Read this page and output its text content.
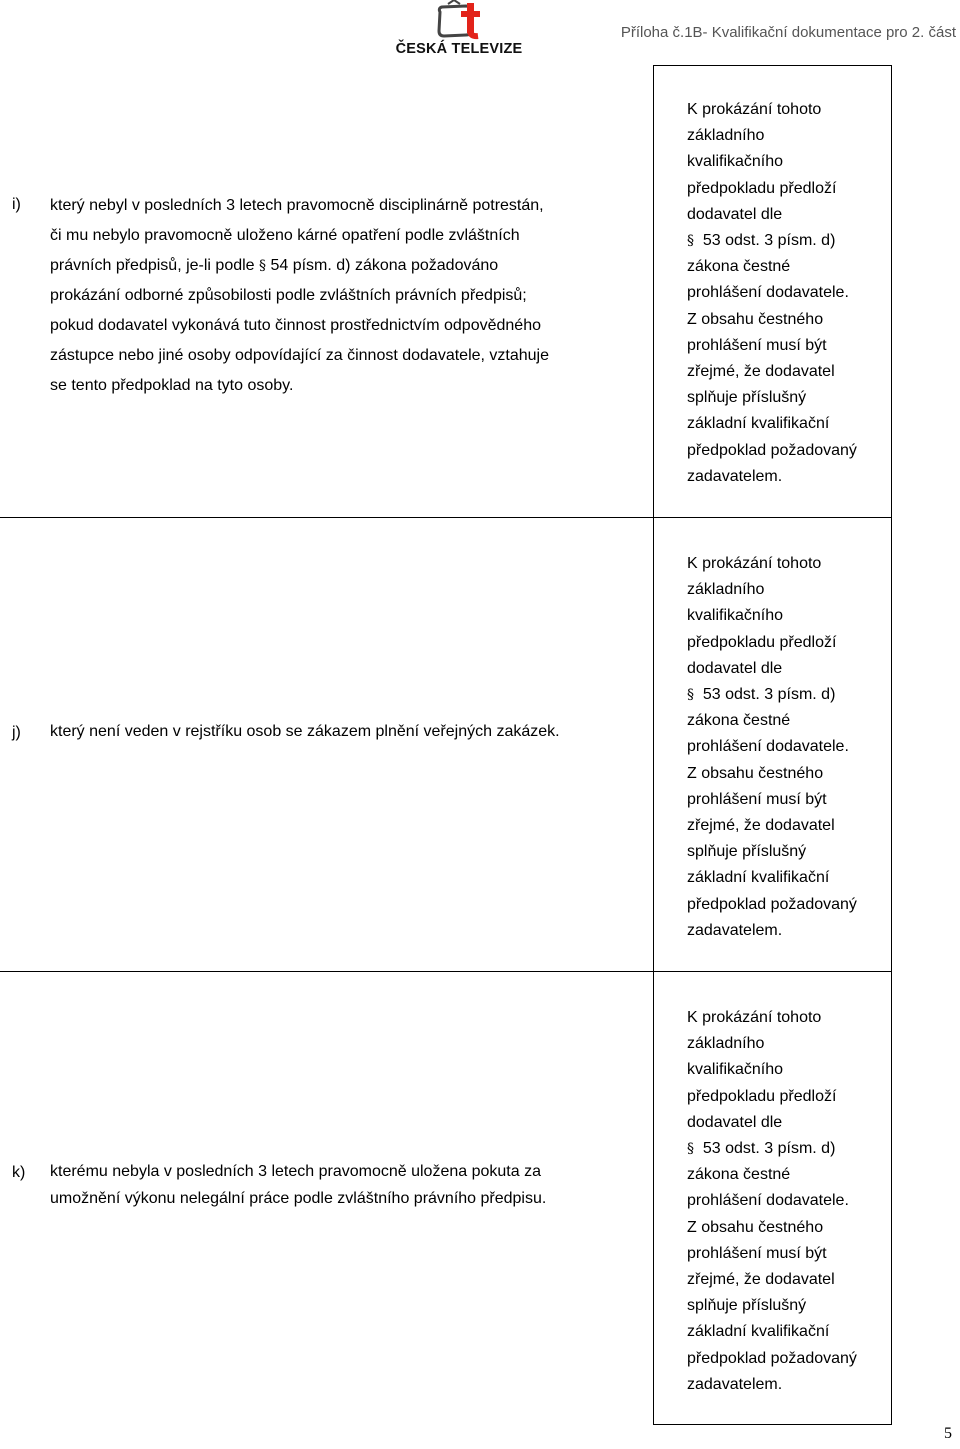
ČESKÁ TELEVIZE
Příloha č.1B- Kvalifikační dokumentace pro 2. část
i) který nebyl v posledních 3 letech pravomocně disciplinárně potrestán,
či mu nebylo pravomocně uloženo kárné opatření podle zvláštních
právních předpisů, je-li podle § 54 písm. d) zákona požadováno
prokázání odborné způsobilosti podle zvláštních právních předpisů;
pokud dodavatel vykonává tuto činnost prostřednictvím odpovědného
zástupce nebo jiné osoby odpovídající za činnost dodavatele, vztahuje
se tento předpoklad na tyto osoby.
K prokázání tohoto
základního
kvalifikačního
předpokladu předloží
dodavatel dle
§ 53 odst. 3 písm. d)
zákona čestné
prohlášení dodavatele.
Z obsahu čestného
prohlášení musí být
zřejmé, že dodavatel
splňuje příslušný
základní kvalifikační
předpoklad požadovaný
zadavatelem.
j) který není veden v rejstříku osob se zákazem plnění veřejných zakázek.
K prokázání tohoto
základního
kvalifikačního
předpokladu předloží
dodavatel dle
§ 53 odst. 3 písm. d)
zákona čestné
prohlášení dodavatele.
Z obsahu čestného
prohlášení musí být
zřejmé, že dodavatel
splňuje příslušný
základní kvalifikační
předpoklad požadovaný
zadavatelem.
k) kterému nebyla v posledních 3 letech pravomocně uložena pokuta za
umožnění výkonu nelegální práce podle zvláštního právního předpisu.
K prokázání tohoto
základního
kvalifikačního
předpokladu předloží
dodavatel dle
§ 53 odst. 3 písm. d)
zákona čestné
prohlášení dodavatele.
Z obsahu čestného
prohlášení musí být
zřejmé, že dodavatel
splňuje příslušný
základní kvalifikační
předpoklad požadovaný
zadavatelem.
5
